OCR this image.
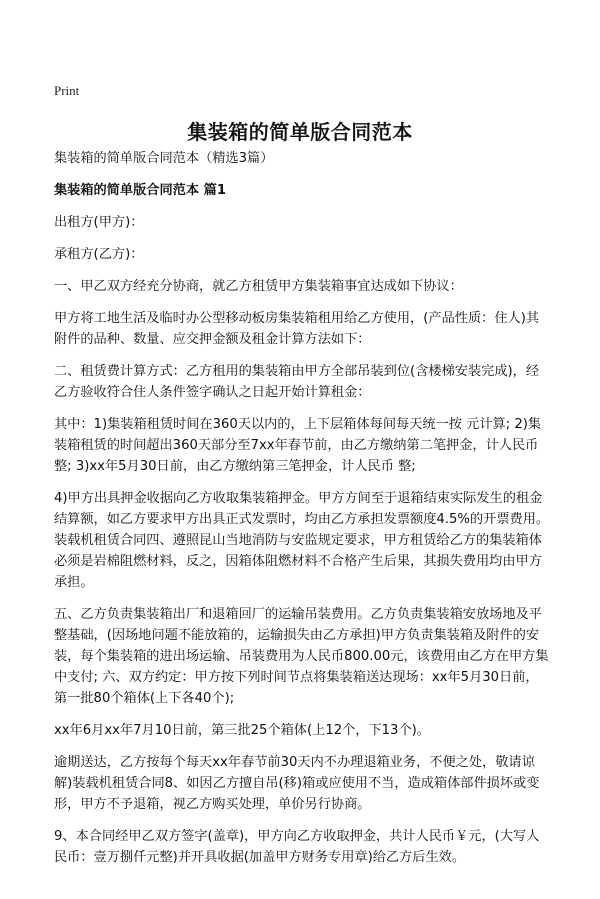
Print
集装箱的简单版合同范本

集装箱的简单版合同范本（精选3篇）

集装箱的简单版合同范本 篇1

出租方(甲方)：

承租方(乙方)：

一、甲乙双方经充分协商，就乙方租赁甲方集装箱事宜达成如下协议：

甲方将工地生活及临时办公型移动板房集装箱租用给乙方使用，(产品性质：住人)其附件的品种、数量、应交押金额及租金计算方法如下：

二、租赁费计算方式：乙方租用的集装箱由甲方全部吊装到位(含楼梯安装完成)，经乙方验收符合住人条件签字确认之日起开始计算租金：

其中：1)集装箱租赁时间在360天以内的，上下层箱体每间每天统一按 元计算; 2)集装箱租赁的时间超出360天部分至7xx年春节前，由乙方缴纳第二笔押金，计人民币 整; 3)xx年5月30日前，由乙方缴纳第三笔押金，计人民币 整;

4)甲方出具押金收据向乙方收取集装箱押金。甲方方间至于退箱结束实际发生的租金结算额，如乙方要求甲方出具正式发票时，均由乙方承担发票额度4.5%的开票费用。装载机租赁合同四、遵照昆山当地消防与安监规定要求，甲方租赁给乙方的集装箱体必须是岩棉阻燃材料，反之，因箱体阻燃材料不合格产生后果，其损失费用均由甲方承担。

五、乙方负责集装箱出厂和退箱回厂的运输吊装费用。乙方负责集装箱安放场地及平整基础，(因场地问题不能放箱的，运输损失由乙方承担)甲方负责集装箱及附件的安装，每个集装箱的进出场运输、吊装费用为人民币800.00元，该费用由乙方在甲方集中支付; 六、双方约定：甲方按下列时间节点将集装箱送达现场：xx年5月30日前，第一批80个箱体(上下各40个);

xx年6月xx年7月10日前，第三批25个箱体(上12个，下13个)。

逾期送达，乙方按每个每天xx年春节前30天内不办理退箱业务，不便之处，敬请谅解)装载机租赁合同8、如因乙方擅自吊(移)箱或应使用不当，造成箱体部件损坏或变形，甲方不予退箱，视乙方购买处理，单价另行协商。

9、本合同经甲乙双方签字(盖章)，甲方向乙方收取押金，共计人民币￥元，(大写人民币：壹万捌仟元整)并开具收据(加盖甲方财务专用章)给乙方后生效。
